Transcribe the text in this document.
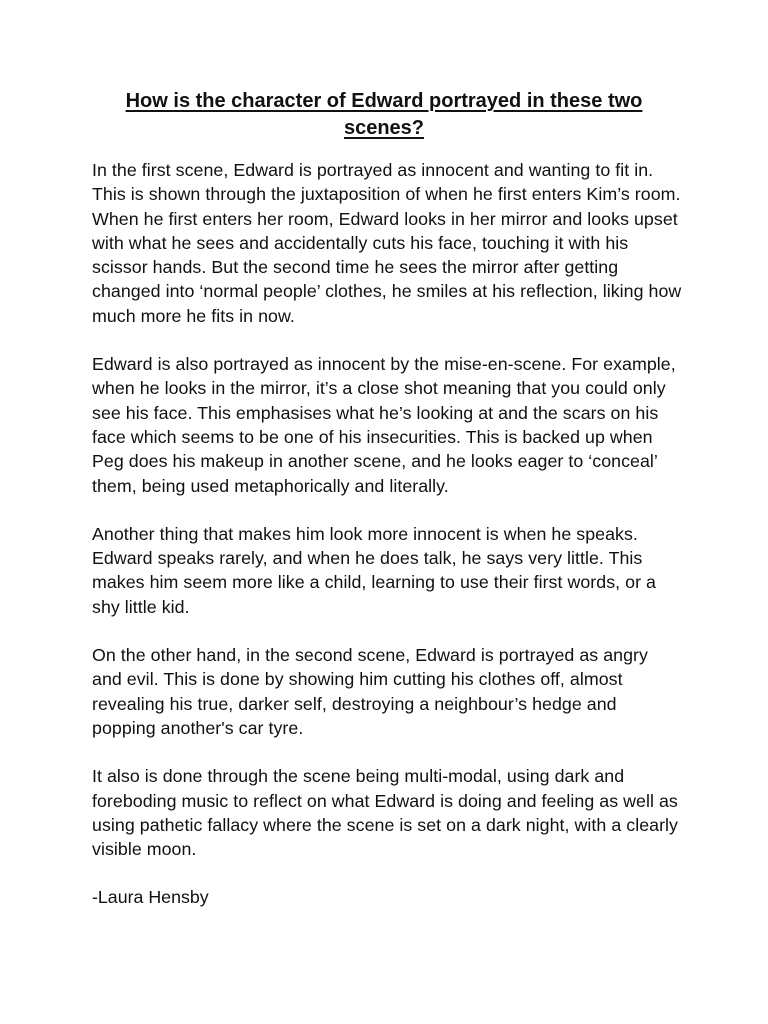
How is the character of Edward portrayed in these two scenes?

In the first scene, Edward is portrayed as innocent and wanting to fit in. This is shown through the juxtaposition of when he first enters Kim’s room. When he first enters her room, Edward looks in her mirror and looks upset with what he sees and accidentally cuts his face, touching it with his scissor hands. But the second time he sees the mirror after getting changed into ‘normal people’ clothes, he smiles at his reflection, liking how much more he fits in now.

Edward is also portrayed as innocent by the mise-en-scene. For example, when he looks in the mirror, it’s a close shot meaning that you could only see his face. This emphasises what he’s looking at and the scars on his face which seems to be one of his insecurities. This is backed up when Peg does his makeup in another scene, and he looks eager to ‘conceal’ them, being used metaphorically and literally.

Another thing that makes him look more innocent is when he speaks. Edward speaks rarely, and when he does talk, he says very little. This makes him seem more like a child, learning to use their first words, or a shy little kid.

On the other hand, in the second scene, Edward is portrayed as angry and evil. This is done by showing him cutting his clothes off, almost revealing his true, darker self, destroying a neighbour’s hedge and popping another's car tyre.

It also is done through the scene being multi-modal, using dark and foreboding music to reflect on what Edward is doing and feeling as well as using pathetic fallacy where the scene is set on a dark night, with a clearly visible moon.

-Laura Hensby
